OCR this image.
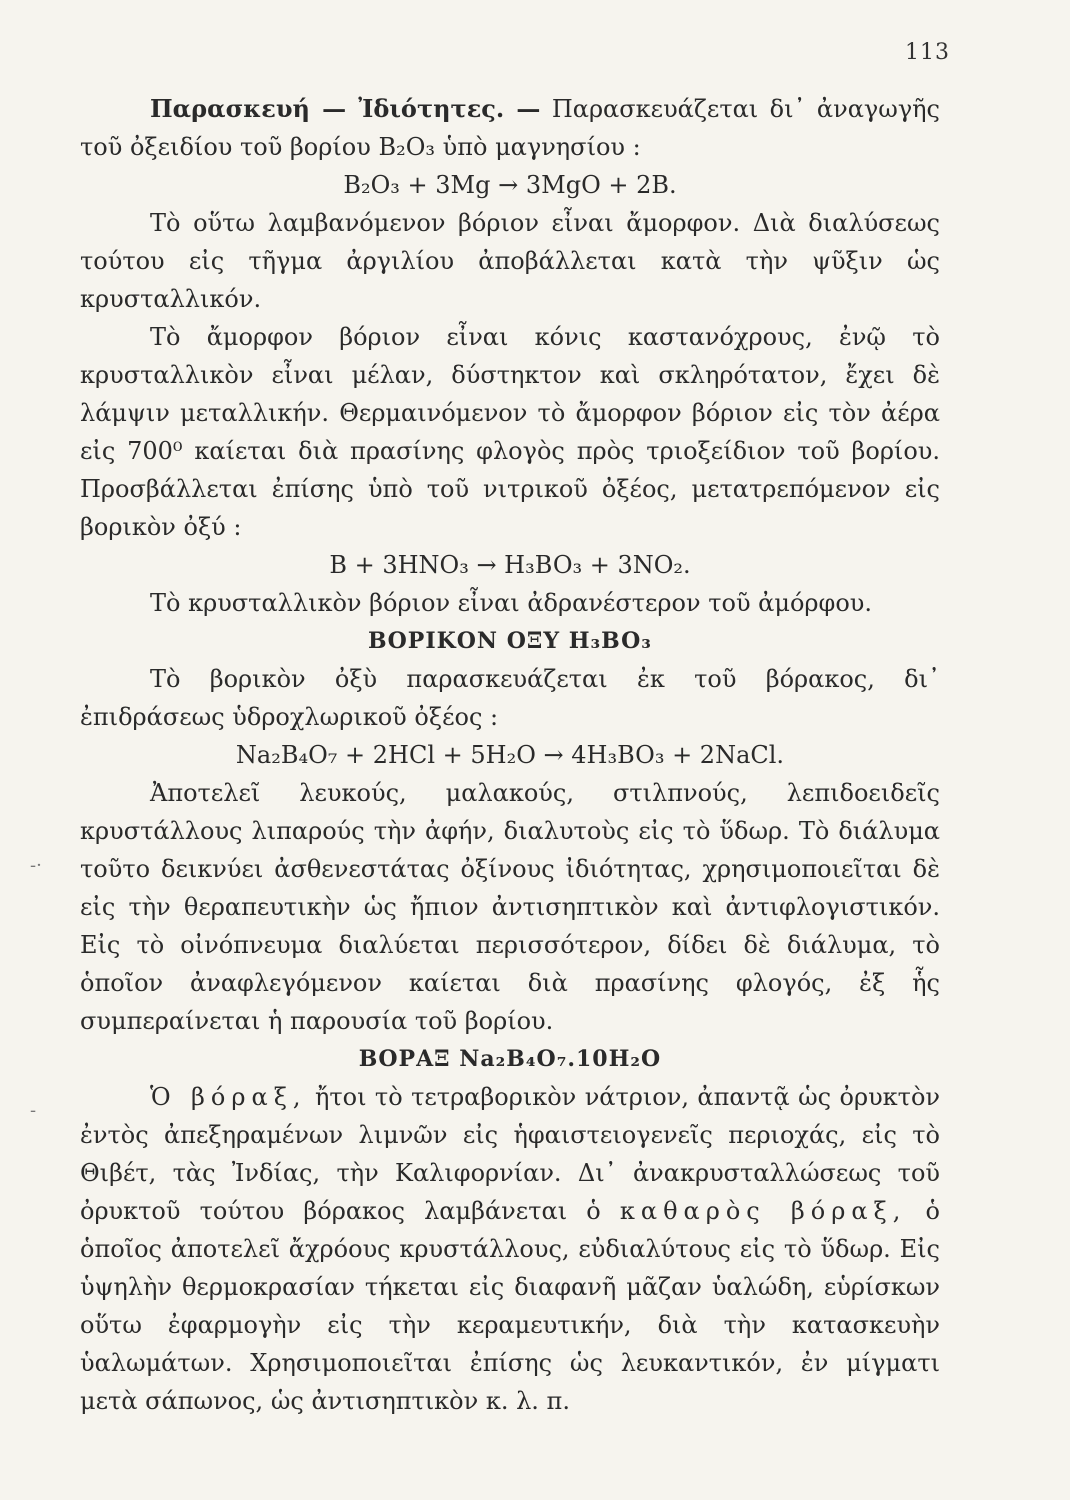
113
-·
-

Παρασκευή — Ἰδιότητες. — Παρασκευάζεται δι᾽ ἀναγωγῆς τοῦ ὀξειδίου τοῦ βορίου B₂O₃ ὑπὸ μαγνησίου :

B₂O₃ + 3Mg → 3MgO + 2B.

Τὸ οὕτω λαμβανόμενον βόριον εἶναι ἄμορφον. Διὰ διαλύσεως τούτου εἰς τῆγμα ἀργιλίου ἀποβάλλεται κατὰ τὴν ψῦξιν ὡς κρυσταλλικόν.

Τὸ ἄμορφον βόριον εἶναι κόνις καστανόχρους, ἐνῷ τὸ κρυσταλλικὸν εἶναι μέλαν, δύστηκτον καὶ σκληρότατον, ἔχει δὲ λάμψιν μεταλλικήν. Θερμαινόμενον τὸ ἄμορφον βόριον εἰς τὸν ἀέρα εἰς 700⁰ καίεται διὰ πρασίνης φλογὸς πρὸς τριοξείδιον τοῦ βορίου. Προσβάλλεται ἐπίσης ὑπὸ τοῦ νιτρικοῦ ὀξέος, μετατρεπόμενον εἰς βορικὸν ὀξύ :

B + 3HNO₃ → H₃BO₃ + 3NO₂.

Τὸ κρυσταλλικὸν βόριον εἶναι ἀδρανέστερον τοῦ ἀμόρφου.

ΒΟΡΙΚΟΝ ΟΞΥ H₃BO₃

Τὸ βορικὸν ὀξὺ παρασκευάζεται ἐκ τοῦ βόρακος, δι᾽ ἐπιδράσεως ὑδροχλωρικοῦ ὀξέος :

Na₂B₄O₇ + 2HCl + 5H₂O → 4H₃BO₃ + 2NaCl.

Ἀποτελεῖ λευκούς, μαλακούς, στιλπνούς, λεπιδοειδεῖς κρυστάλλους λιπαρούς τὴν ἀφήν, διαλυτοὺς εἰς τὸ ὕδωρ. Τὸ διάλυμα τοῦτο δεικνύει ἀσθενεστάτας ὀξίνους ἰδιότητας, χρησιμοποιεῖται δὲ εἰς τὴν θεραπευτικὴν ὡς ἤπιον ἀντισηπτικὸν καὶ ἀντιφλογιστικόν. Εἰς τὸ οἰνόπνευμα διαλύεται περισσότερον, δίδει δὲ διάλυμα, τὸ ὁποῖον ἀναφλεγόμενον καίεται διὰ πρασίνης φλογός, ἐξ ἧς συμπεραίνεται ἡ παρουσία τοῦ βορίου.

ΒΟΡΑΞ Na₂B₄O₇.10H₂O

Ὁ βόραξ, ἤτοι τὸ τετραβορικὸν νάτριον, ἀπαντᾷ ὡς ὀρυκτὸν ἐντὸς ἀπεξηραμένων λιμνῶν εἰς ἡφαιστειογενεῖς περιοχάς, εἰς τὸ Θιβέτ, τὰς Ἰνδίας, τὴν Καλιφορνίαν. Δι᾽ ἀνακρυσταλλώσεως τοῦ ὀρυκτοῦ τούτου βόρακος λαμβάνεται ὁ καθαρὸς βόραξ, ὁ ὁποῖος ἀποτελεῖ ἄχρόους κρυστάλλους, εὐδιαλύτους εἰς τὸ ὕδωρ. Εἰς ὑψηλὴν θερμοκρασίαν τήκεται εἰς διαφανῆ μᾶζαν ὑαλώδη, εὑρίσκων οὕτω ἐφαρμογὴν εἰς τὴν κεραμευτικήν, διὰ τὴν κατασκευὴν ὑαλωμάτων. Χρησιμοποιεῖται ἐπίσης ὡς λευκαντικόν, ἐν μίγματι μετὰ σάπωνος, ὡς ἀντισηπτικὸν κ. λ. π.
